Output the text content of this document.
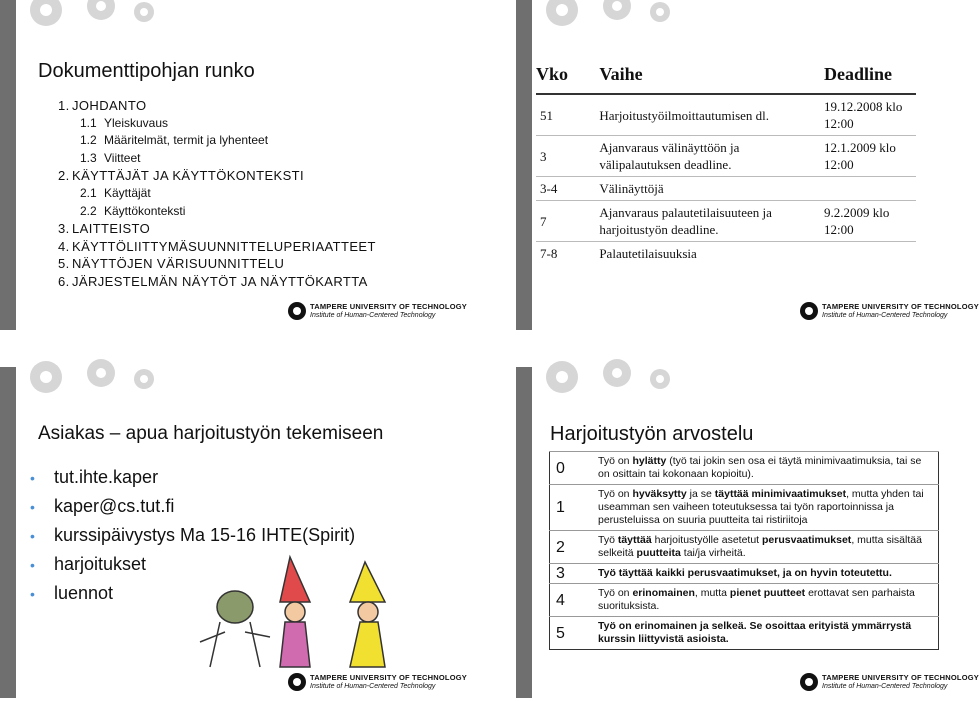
Dokumenttipohjan runko
1. JOHDANTO
1.1 Yleiskuvaus
1.2 Määritelmät, termit ja lyhenteet
1.3 Viitteet
2. KÄYTTÄJÄT JA KÄYTTÖKONTEKSTI
2.1 Käyttäjät
2.2 Käyttökonteksti
3. LAITTEISTO
4. KÄYTTÖLIITTYMÄSUUNNITTELUPERIAATTEET
5. NÄYTTÖJEN VÄRISUUNNITTELU
6. JÄRJESTELMÄN NÄYTÖT JA NÄYTTÖKARTTA
TAMPERE UNIVERSITY OF TECHNOLOGY
Institute of Human-Centered Technology
Vko	Vaihe	Deadline
51	Harjoitustyöilmoittautumisen dl.	19.12.2008 klo 12:00
3	Ajanvaraus välinäyttöön ja välipalautuksen deadline.	12.1.2009 klo 12:00
3-4	Välinäyttöjä	
7	Ajanvaraus palautetilaisuuteen ja harjoitustyön deadline.	9.2.2009 klo 12:00
7-8	Palautetilaisuuksia	
TAMPERE UNIVERSITY OF TECHNOLOGY
Institute of Human-Centered Technology
Asiakas – apua harjoitustyön tekemiseen
• tut.ihte.kaper
• kaper@cs.tut.fi
• kurssipäivystys Ma 15-16 IHTE(Spirit)
• harjoitukset
• luennot
TAMPERE UNIVERSITY OF TECHNOLOGY
Institute of Human-Centered Technology
Harjoitustyön arvostelu
0	Työ on hylätty (työ tai jokin sen osa ei täytä minimivaatimuksia, tai se on osittain tai kokonaan kopioitu).
1	Työ on hyväksytty ja se täyttää minimivaatimukset, mutta yhden tai useamman sen vaiheen toteutuksessa tai työn raportoinnissa ja perusteluissa on suuria puutteita tai ristiriitoja
2	Työ täyttää harjoitustyölle asetetut perusvaatimukset, mutta sisältää selkeitä puutteita tai/ja virheitä.
3	Työ täyttää kaikki perusvaatimukset, ja on hyvin toteutettu.
4	Työ on erinomainen, mutta pienet puutteet erottavat sen parhaista suorituksista.
5	Työ on erinomainen ja selkeä. Se osoittaa erityistä ymmärrystä kurssin liittyvistä asioista.
TAMPERE UNIVERSITY OF TECHNOLOGY
Institute of Human-Centered Technology
